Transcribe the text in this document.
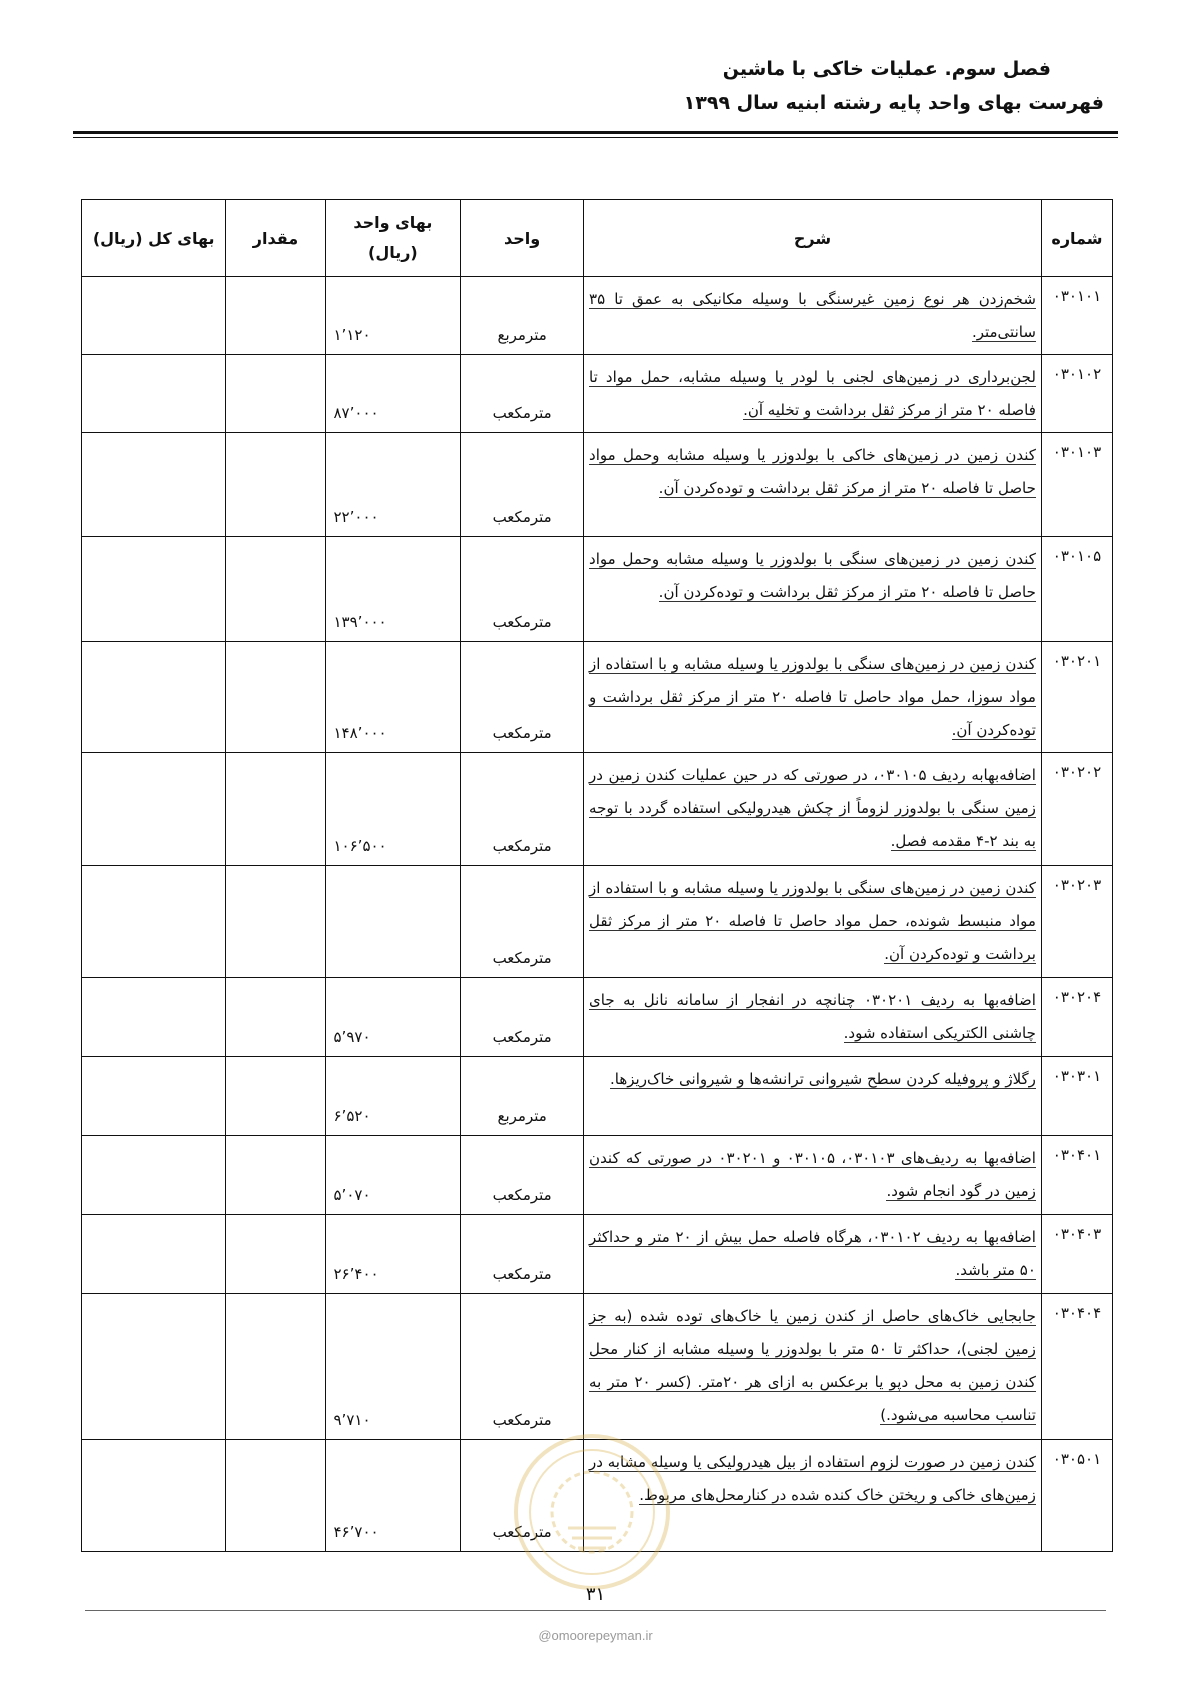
فصل سوم. عملیات خاکی با ماشین
فهرست بهای واحد پایه رشته ابنیه سال ۱۳۹۹
شماره	شرح	واحد	بهای واحد (ریال)	مقدار	بهای کل (ریال)
۰۳۰۱۰۱	شخم‌زدن هر نوع زمین غیرسنگی با وسیله مکانیکی به عمق تا ۳۵ سانتی‌متر.	مترمربع	۱٬۱۲۰		
۰۳۰۱۰۲	لجن‌برداری در زمین‌های لجنی با لودر یا وسیله مشابه، حمل مواد تا فاصله ۲۰ متر از مرکز ثقل برداشت و تخلیه آن.	مترمکعب	۸۷٬۰۰۰		
۰۳۰۱۰۳	کندن زمین در زمین‌های خاکی با بولدوزر یا وسیله مشابه وحمل مواد حاصل تا فاصله ۲۰ متر از مرکز ثقل برداشت و توده‌کردن آن.	مترمکعب	۲۲٬۰۰۰		
۰۳۰۱۰۵	کندن زمین در زمین‌های سنگی با بولدوزر یا وسیله مشابه وحمل مواد حاصل تا فاصله ۲۰ متر از مرکز ثقل برداشت و توده‌کردن آن.	مترمکعب	۱۳۹٬۰۰۰		
۰۳۰۲۰۱	کندن زمین در زمین‌های سنگی با بولدوزر یا وسیله مشابه و با استفاده از مواد سوزا، حمل مواد حاصل تا فاصله ۲۰ متر از مرکز ثقل برداشت و توده‌کردن آن.	مترمکعب	۱۴۸٬۰۰۰		
۰۳۰۲۰۲	اضافه‌بهابه ردیف ۰۳۰۱۰۵، در صورتی که در حین عملیات کندن زمین در زمین سنگی با بولدوزر لزوماً از چکش هیدرولیکی استفاده گردد با توجه به بند ۲-۴ مقدمه فصل.	مترمکعب	۱۰۶٬۵۰۰		
۰۳۰۲۰۳	کندن زمین در زمین‌های سنگی با بولدوزر یا وسیله مشابه و با استفاده از مواد منبسط شونده، حمل مواد حاصل تا فاصله ۲۰ متر از مرکز ثقل برداشت و توده‌کردن آن.	مترمکعب			
۰۳۰۲۰۴	اضافه‌بها به ردیف ۰۳۰۲۰۱ چنانچه در انفجار از سامانه نانل به جای چاشنی الکتریکی استفاده شود.	مترمکعب	۵٬۹۷۰		
۰۳۰۳۰۱	رگلاژ و پروفیله کردن سطح شیروانی ترانشه‌ها و شیروانی خاک‌ریزها.	مترمربع	۶٬۵۲۰		
۰۳۰۴۰۱	اضافه‌بها به ردیف‌های ۰۳۰۱۰۳، ۰۳۰۱۰۵ و ۰۳۰۲۰۱ در صورتی که کندن زمین در گود انجام شود.	مترمکعب	۵٬۰۷۰		
۰۳۰۴۰۳	اضافه‌بها به ردیف ۰۳۰۱۰۲، هرگاه فاصله حمل بیش از ۲۰ متر و حداکثر ۵۰ متر باشد.	مترمکعب	۲۶٬۴۰۰		
۰۳۰۴۰۴	جابجایی خاک‌های حاصل از کندن زمین یا خاک‌های توده شده (به جز زمین لجنی)، حداکثر تا ۵۰ متر با بولدوزر یا وسیله مشابه از کنار محل کندن زمین به محل دپو یا برعکس به ازای هر ۲۰متر. (کسر ۲۰ متر به تناسب محاسبه می‌شود.)	مترمکعب	۹٬۷۱۰		
۰۳۰۵۰۱	کندن زمین در صورت لزوم استفاده از بیل هیدرولیکی یا وسیله مشابه در زمین‌های خاکی و ریختن خاک کنده شده در کنارمحل‌های مربوط.	مترمکعب	۴۶٬۷۰۰		
۳۱
@omoorepeyman.ir
